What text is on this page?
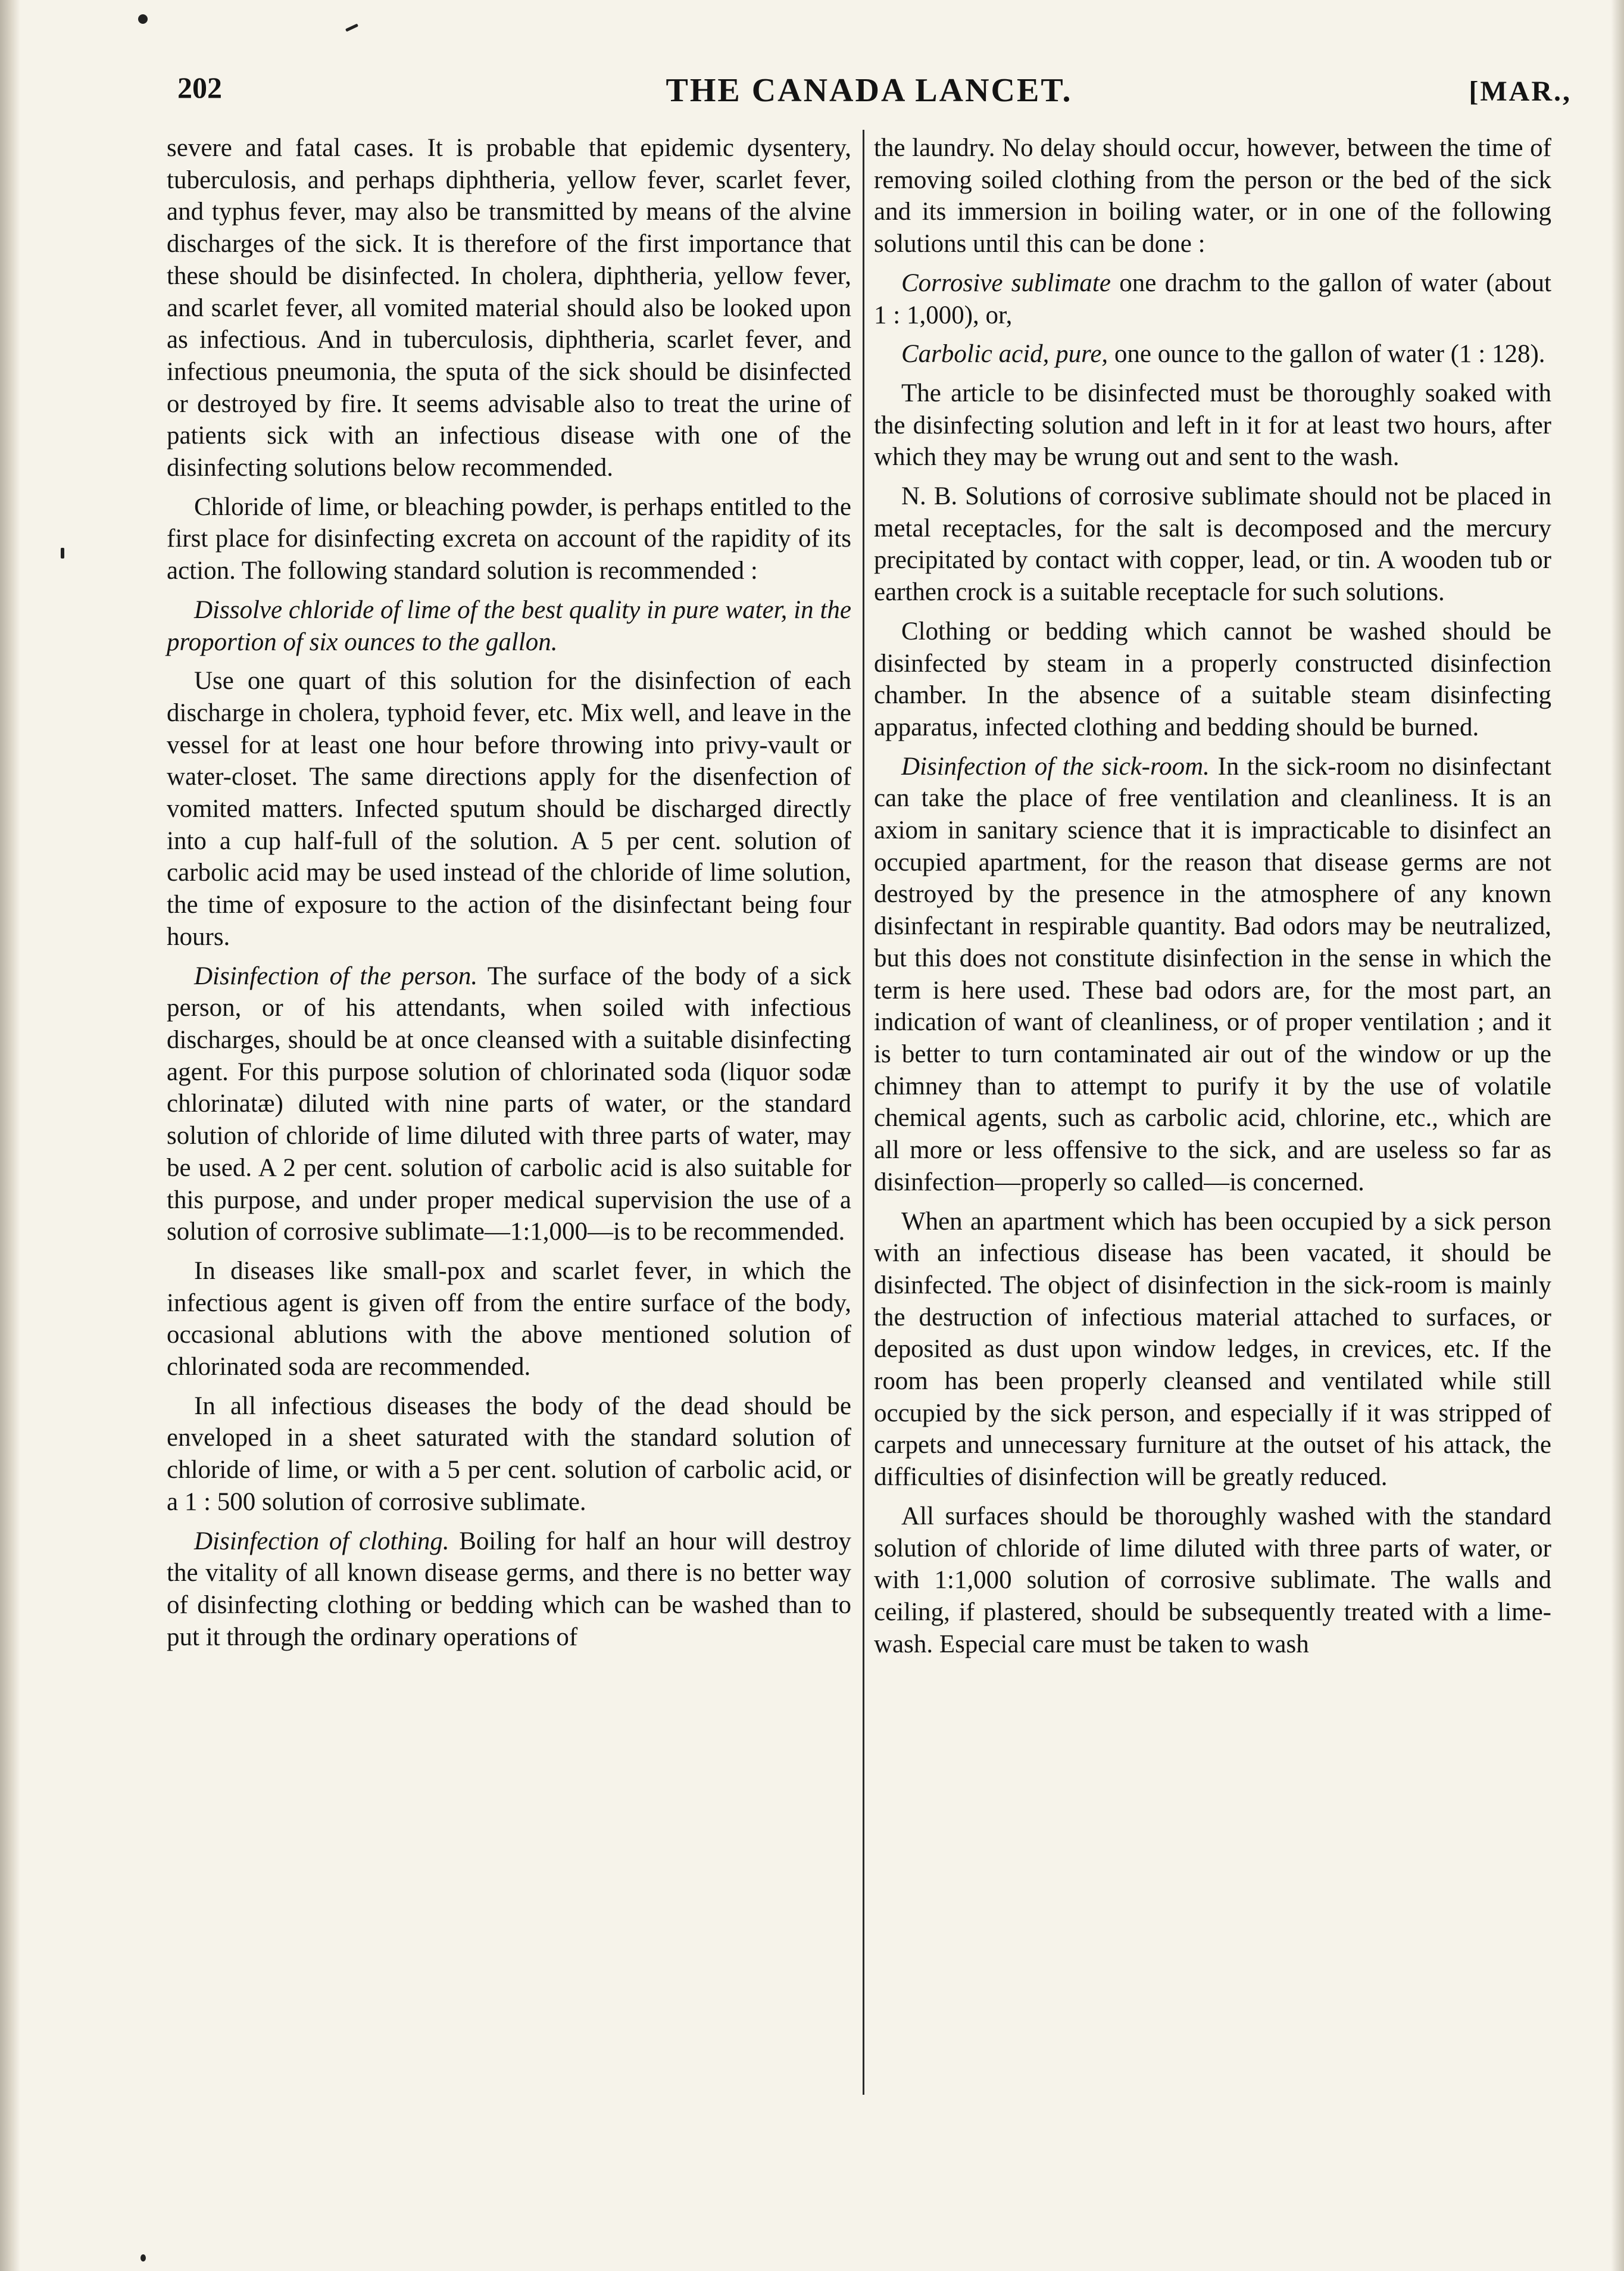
202	THE CANADA LANCET.	[MAR.,

severe and fatal cases. It is probable that epidemic dysentery, tuberculosis, and perhaps diphtheria, yellow fever, scarlet fever, and typhus fever, may also be transmitted by means of the alvine discharges of the sick. It is therefore of the first importance that these should be disinfected. In cholera, diphtheria, yellow fever, and scarlet fever, all vomited material should also be looked upon as infectious. And in tuberculosis, diphtheria, scarlet fever, and infectious pneumonia, the sputa of the sick should be disinfected or destroyed by fire. It seems advisable also to treat the urine of patients sick with an infectious disease with one of the disinfecting solutions below recommended.

Chloride of lime, or bleaching powder, is perhaps entitled to the first place for disinfecting excreta on account of the rapidity of its action. The following standard solution is recommended :

Dissolve chloride of lime of the best quality in pure water, in the proportion of six ounces to the gallon.

Use one quart of this solution for the disinfection of each discharge in cholera, typhoid fever, etc. Mix well, and leave in the vessel for at least one hour before throwing into privy-vault or water-closet. The same directions apply for the disenfection of vomited matters. Infected sputum should be discharged directly into a cup half-full of the solution. A 5 per cent. solution of carbolic acid may be used instead of the chloride of lime solution, the time of exposure to the action of the disinfectant being four hours.

Disinfection of the person. The surface of the body of a sick person, or of his attendants, when soiled with infectious discharges, should be at once cleansed with a suitable disinfecting agent. For this purpose solution of chlorinated soda (liquor sodæ chlorinatæ) diluted with nine parts of water, or the standard solution of chloride of lime diluted with three parts of water, may be used. A 2 per cent. solution of carbolic acid is also suitable for this purpose, and under proper medical supervision the use of a solution of corrosive sublimate—1:1,000—is to be recommended.

In diseases like small-pox and scarlet fever, in which the infectious agent is given off from the entire surface of the body, occasional ablutions with the above mentioned solution of chlorinated soda are recommended.

In all infectious diseases the body of the dead should be enveloped in a sheet saturated with the standard solution of chloride of lime, or with a 5 per cent. solution of carbolic acid, or a 1 : 500 solution of corrosive sublimate.

Disinfection of clothing. Boiling for half an hour will destroy the vitality of all known disease germs, and there is no better way of disinfecting clothing or bedding which can be washed than to put it through the ordinary operations of

the laundry. No delay should occur, however, between the time of removing soiled clothing from the person or the bed of the sick and its immersion in boiling water, or in one of the following solutions until this can be done :

Corrosive sublimate one drachm to the gallon of water (about 1 : 1,000), or,

Carbolic acid, pure, one ounce to the gallon of water (1 : 128).

The article to be disinfected must be thoroughly soaked with the disinfecting solution and left in it for at least two hours, after which they may be wrung out and sent to the wash.

N. B. Solutions of corrosive sublimate should not be placed in metal receptacles, for the salt is decomposed and the mercury precipitated by contact with copper, lead, or tin. A wooden tub or earthen crock is a suitable receptacle for such solutions.

Clothing or bedding which cannot be washed should be disinfected by steam in a properly constructed disinfection chamber. In the absence of a suitable steam disinfecting apparatus, infected clothing and bedding should be burned.

Disinfection of the sick-room. In the sick-room no disinfectant can take the place of free ventilation and cleanliness. It is an axiom in sanitary science that it is impracticable to disinfect an occupied apartment, for the reason that disease germs are not destroyed by the presence in the atmosphere of any known disinfectant in respirable quantity. Bad odors may be neutralized, but this does not constitute disinfection in the sense in which the term is here used. These bad odors are, for the most part, an indication of want of cleanliness, or of proper ventilation ; and it is better to turn contaminated air out of the window or up the chimney than to attempt to purify it by the use of volatile chemical agents, such as carbolic acid, chlorine, etc., which are all more or less offensive to the sick, and are useless so far as disinfection—properly so called—is concerned.

When an apartment which has been occupied by a sick person with an infectious disease has been vacated, it should be disinfected. The object of disinfection in the sick-room is mainly the destruction of infectious material attached to surfaces, or deposited as dust upon window ledges, in crevices, etc. If the room has been properly cleansed and ventilated while still occupied by the sick person, and especially if it was stripped of carpets and unnecessary furniture at the outset of his attack, the difficulties of disinfection will be greatly reduced.

All surfaces should be thoroughly washed with the standard solution of chloride of lime diluted with three parts of water, or with 1:1,000 solution of corrosive sublimate. The walls and ceiling, if plastered, should be subsequently treated with a lime-wash. Especial care must be taken to wash
